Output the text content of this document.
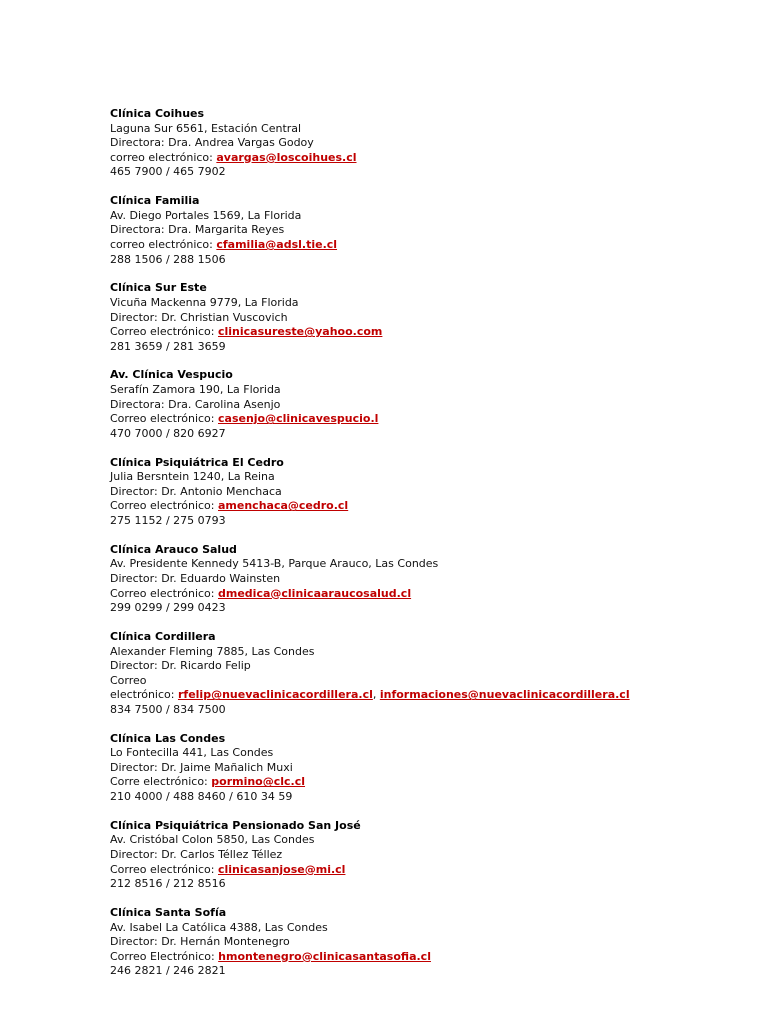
Clínica Coihues
Laguna Sur 6561, Estación Central
Directora: Dra. Andrea Vargas Godoy
correo electrónico: avargas@loscoihues.cl
465 7900 / 465 7902
Clínica Familia
Av. Diego Portales 1569, La Florida
Directora: Dra. Margarita Reyes
correo electrónico: cfamilia@adsl.tie.cl
288 1506 / 288 1506
Clínica Sur Este
Vicuña Mackenna 9779, La Florida
Director: Dr. Christian Vuscovich
Correo electrónico: clinicasureste@yahoo.com
281 3659 / 281 3659
Av. Clínica Vespucio
Serafín Zamora 190, La Florida
Directora: Dra. Carolina Asenjo
Correo electrónico: casenjo@clinicavespucio.l
470 7000 / 820 6927
Clínica Psiquiátrica El Cedro
Julia Bersntein 1240, La Reina
Director: Dr. Antonio Menchaca
Correo electrónico: amenchaca@cedro.cl
275 1152 / 275 0793
Clínica Arauco Salud
Av. Presidente Kennedy 5413-B, Parque Arauco, Las Condes
Director: Dr. Eduardo Wainsten
Correo electrónico: dmedica@clinicaaraucosalud.cl
299 0299 / 299 0423
Clínica Cordillera
Alexander Fleming 7885, Las Condes
Director: Dr. Ricardo Felip
Correo
electrónico: rfelip@nuevaclinicacordillera.cl, informaciones@nuevaclinicacordillera.cl
834 7500 / 834 7500
Clínica Las Condes
Lo Fontecilla 441, Las Condes
Director: Dr. Jaime Mañalich Muxi
Corre electrónico: pormino@clc.cl
210 4000 / 488 8460 / 610 34 59
Clínica Psiquiátrica Pensionado San José
Av. Cristóbal Colon 5850, Las Condes
Director: Dr. Carlos Téllez Téllez
Correo electrónico: clinicasanjose@mi.cl
212 8516 / 212 8516
Clínica Santa Sofía
Av. Isabel La Católica 4388, Las Condes
Director: Dr. Hernán Montenegro
Correo Electrónico: hmontenegro@clinicasantasofia.cl
246 2821 / 246 2821
